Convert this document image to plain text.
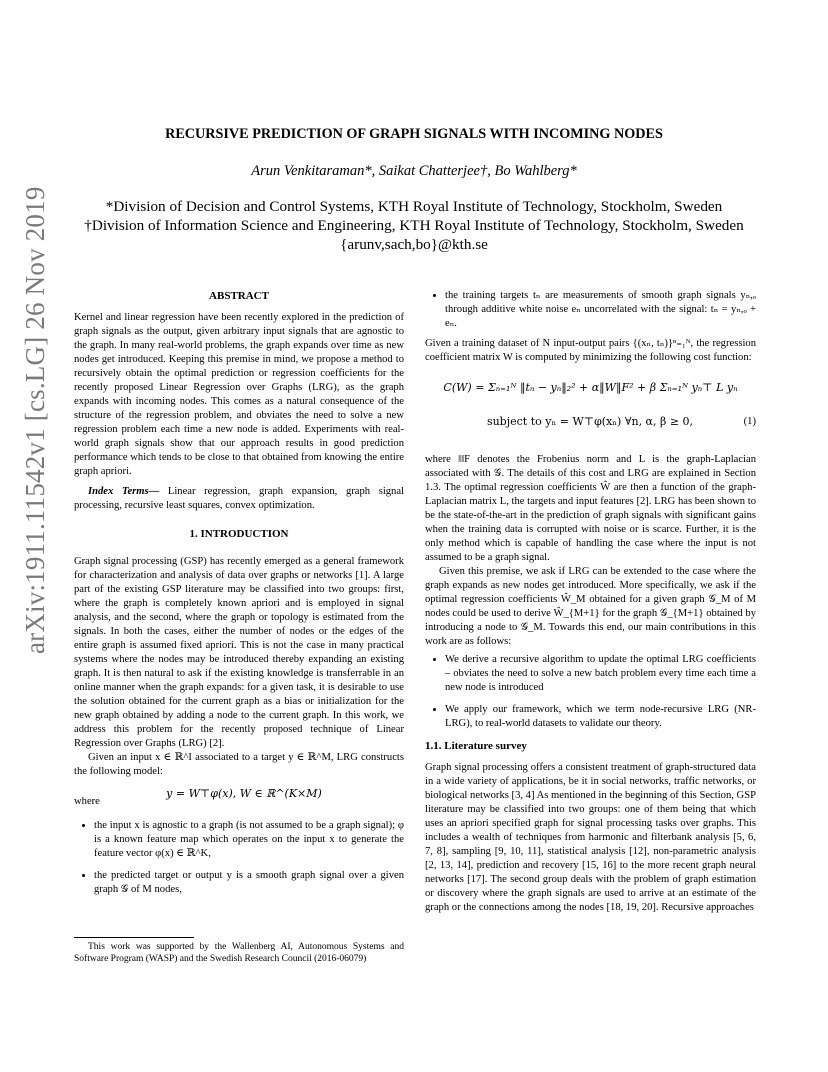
RECURSIVE PREDICTION OF GRAPH SIGNALS WITH INCOMING NODES
Arun Venkitaraman*, Saikat Chatterjee†, Bo Wahlberg*
*Division of Decision and Control Systems, KTH Royal Institute of Technology, Stockholm, Sweden
†Division of Information Science and Engineering, KTH Royal Institute of Technology, Stockholm, Sweden
{arunv,sach,bo}@kth.se
arXiv:1911.11542v1 [cs.LG] 26 Nov 2019	ABSTRACT

Kernel and linear regression have been recently explored in the prediction of graph signals as the output, given arbitrary input signals that are agnostic to the graph. In many real-world problems, the graph expands over time as new nodes get introduced. Keeping this premise in mind, we propose a method to recursively obtain the optimal prediction or regression coefficients for the recently proposed Linear Regression over Graphs (LRG), as the graph expands with incoming nodes. This comes as a natural consequence of the structure of the regression problem, and obviates the need to solve a new regression problem each time a new node is added. Experiments with real-world graph signals show that our approach results in good prediction performance which tends to be close to that obtained from knowing the entire graph apriori.

Index Terms— Linear regression, graph expansion, graph signal processing, recursive least squares, convex optimization.

1. INTRODUCTION

Graph signal processing (GSP) has recently emerged as a general framework for characterization and analysis of data over graphs or networks [1]. A large part of the existing GSP literature may be classified into two groups: first, where the graph is completely known apriori and is employed in signal analysis, and the second, where the graph or topology is estimated from the signals. In both the cases, either the number of nodes or the edges of the entire graph is assumed fixed apriori. This is not the case in many practical systems where the nodes may be introduced thereby expanding an existing graph. It is then natural to ask if the existing knowledge is transferrable in an online manner when the graph expands: for a given task, it is desirable to use the solution obtained for the current graph as a bias or initialization for the new graph obtained by adding a node to the current graph. In this work, we address this problem for the recently proposed technique of Linear Regression over Graphs (LRG) [2].

Given an input x ∈ ℝ^I associated to a target y ∈ ℝ^M, LRG constructs the following model:

where
y = W⊤φ(x), W ∈ ℝ^(K×M)
• the input x is agnostic to a graph (is not assumed to be a graph signal); φ is a known feature map which operates on the input x to generate the feature vector φ(x) ∈ ℝ^K,
• the predicted target or output y is a smooth graph signal over a given graph 𝒢 of M nodes,
This work was supported by the Wallenberg AI, Autonomous Systems and Software Program (WASP) and the Swedish Research Council (2016-06079)
• the training targets tₙ are measurements of smooth graph signals yₙ,ₒ through additive white noise eₙ uncorrelated with the signal: tₙ = yₙ,ₒ + eₙ.

Given a training dataset of N input-output pairs {(xₙ, tₙ)}ⁿ₌₁ᴺ, the regression coefficient matrix W is computed by minimizing the following cost function:

C(W) = Σₙ₌₁ᴺ ‖tₙ − yₙ‖₂² + α‖W‖F² + β Σₙ₌₁ᴺ yₙ⊤ L yₙ
subject to yₙ = W⊤φ(xₙ) ∀n, α, β ≥ 0,	(1)

where ‖‖F denotes the Frobenius norm and L is the graph-Laplacian associated with 𝒢. The details of this cost and LRG are explained in Section 1.3. The optimal regression coefficients Ŵ are then a function of the graph-Laplacian matrix L, the targets and input features [2]. LRG has been shown to be the state-of-the-art in the prediction of graph signals with significant gains when the training data is corrupted with noise or is scarce. Further, it is the only method which is capable of handling the case where the input is not assumed to be a graph signal.

Given this premise, we ask if LRG can be extended to the case where the graph expands as new nodes get introduced. More specifically, we ask if the optimal regression coefficients Ŵ_M obtained for a given graph 𝒢_M of M nodes could be used to derive Ŵ_{M+1} for the graph 𝒢_{M+1} obtained by introducing a node to 𝒢_M. Towards this end, our main contributions in this work are as follows:

• We derive a recursive algorithm to update the optimal LRG coefficients – obviates the need to solve a new batch problem every time each time a new node is introduced
• We apply our framework, which we term node-recursive LRG (NR-LRG), to real-world datasets to validate our theory.

1.1. Literature survey

Graph signal processing offers a consistent treatment of graph-structured data in a wide variety of applications, be it in social networks, traffic networks, or biological networks [3, 4] As mentioned in the beginning of this Section, GSP literature may be classified into two groups: one of them being that which uses an apriori specified graph for signal processing tasks over graphs. This includes a wealth of techniques from harmonic and filterbank analysis [5, 6, 7, 8], sampling [9, 10, 11], statistical analysis [12], non-parametric analysis [2, 13, 14], prediction and recovery [15, 16] to the more recent graph neural networks [17]. The second group deals with the problem of graph estimation or discovery where the graph signals are used to arrive at an estimate of the graph or the connections among the nodes [18, 19, 20]. Recursive approaches
